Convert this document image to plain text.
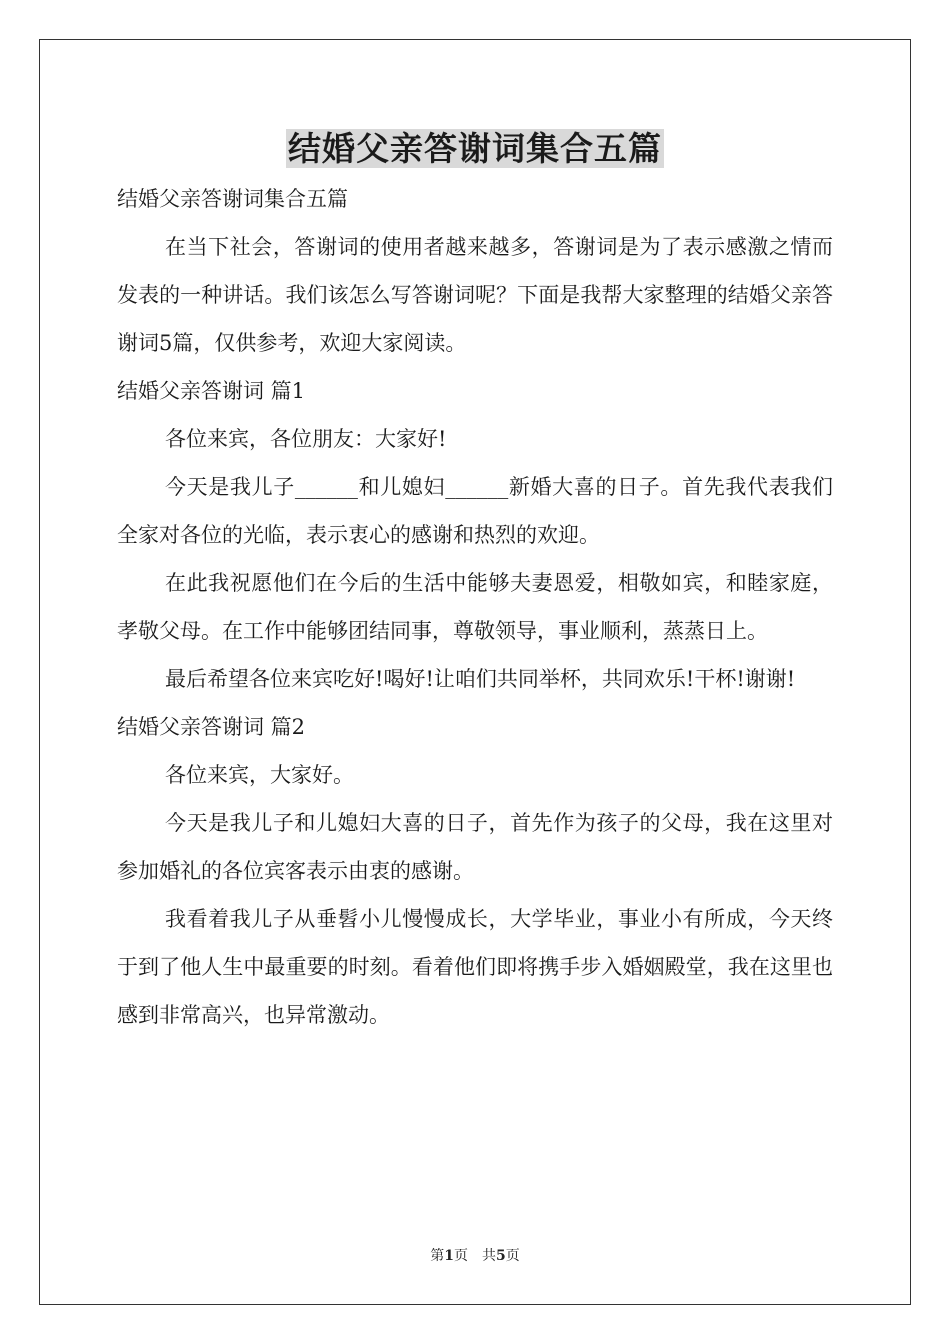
结婚父亲答谢词集合五篇

结婚父亲答谢词集合五篇

在当下社会，答谢词的使用者越来越多，答谢词是为了表示感激之情而发表的一种讲话。我们该怎么写答谢词呢？下面是我帮大家整理的结婚父亲答谢词5篇，仅供参考，欢迎大家阅读。

结婚父亲答谢词 篇1

各位来宾，各位朋友：大家好!

今天是我儿子______和儿媳妇______新婚大喜的日子。首先我代表我们全家对各位的光临，表示衷心的感谢和热烈的欢迎。

在此我祝愿他们在今后的生活中能够夫妻恩爱，相敬如宾，和睦家庭，孝敬父母。在工作中能够团结同事，尊敬领导，事业顺利，蒸蒸日上。

最后希望各位来宾吃好!喝好!让咱们共同举杯，共同欢乐!干杯!谢谢!

结婚父亲答谢词 篇2

各位来宾，大家好。

今天是我儿子和儿媳妇大喜的日子，首先作为孩子的父母，我在这里对参加婚礼的各位宾客表示由衷的感谢。

我看着我儿子从垂髫小儿慢慢成长，大学毕业，事业小有所成，今天终于到了他人生中最重要的时刻。看着他们即将携手步入婚姻殿堂，我在这里也感到非常高兴，也异常激动。

第1页 共5页
